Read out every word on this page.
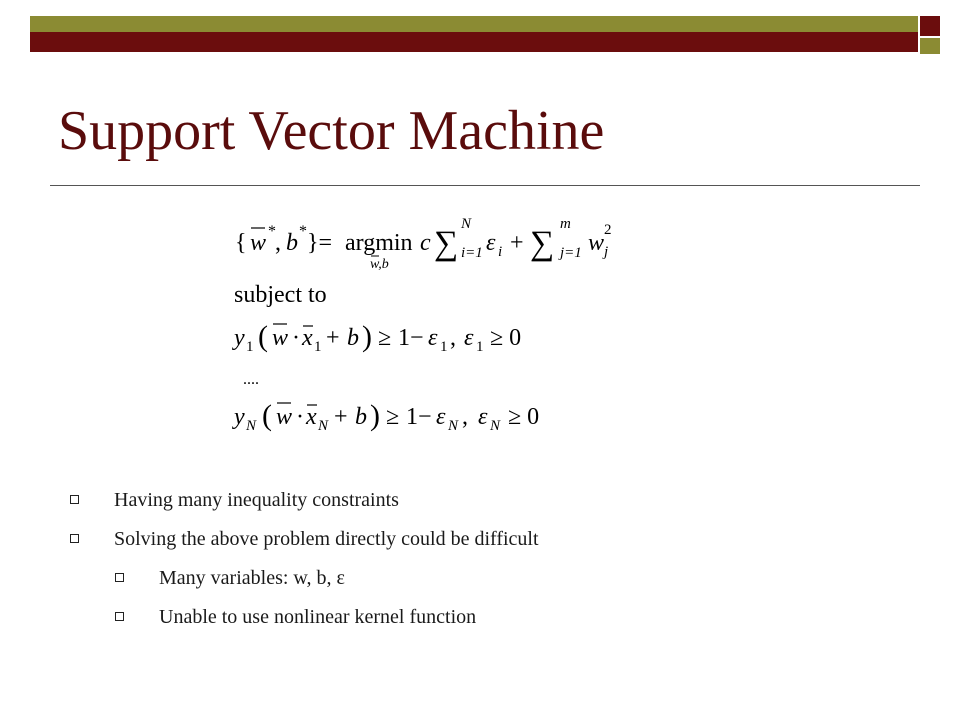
Support Vector Machine
{ w * , b * }= argmin
w,b
c ∑
N
i=1 ε i + ∑
m
j=1 w j
2
subject to
y 1 ( w · x 1 + b ) ≥ 1− ε 1 , ε 1 ≥ 0
....
y N ( w · x N + b ) ≥ 1− ε N , ε N ≥ 0
Having many inequality constraints
Solving the above problem directly could be difficult
Many variables: w, b, ε
Unable to use nonlinear kernel function
